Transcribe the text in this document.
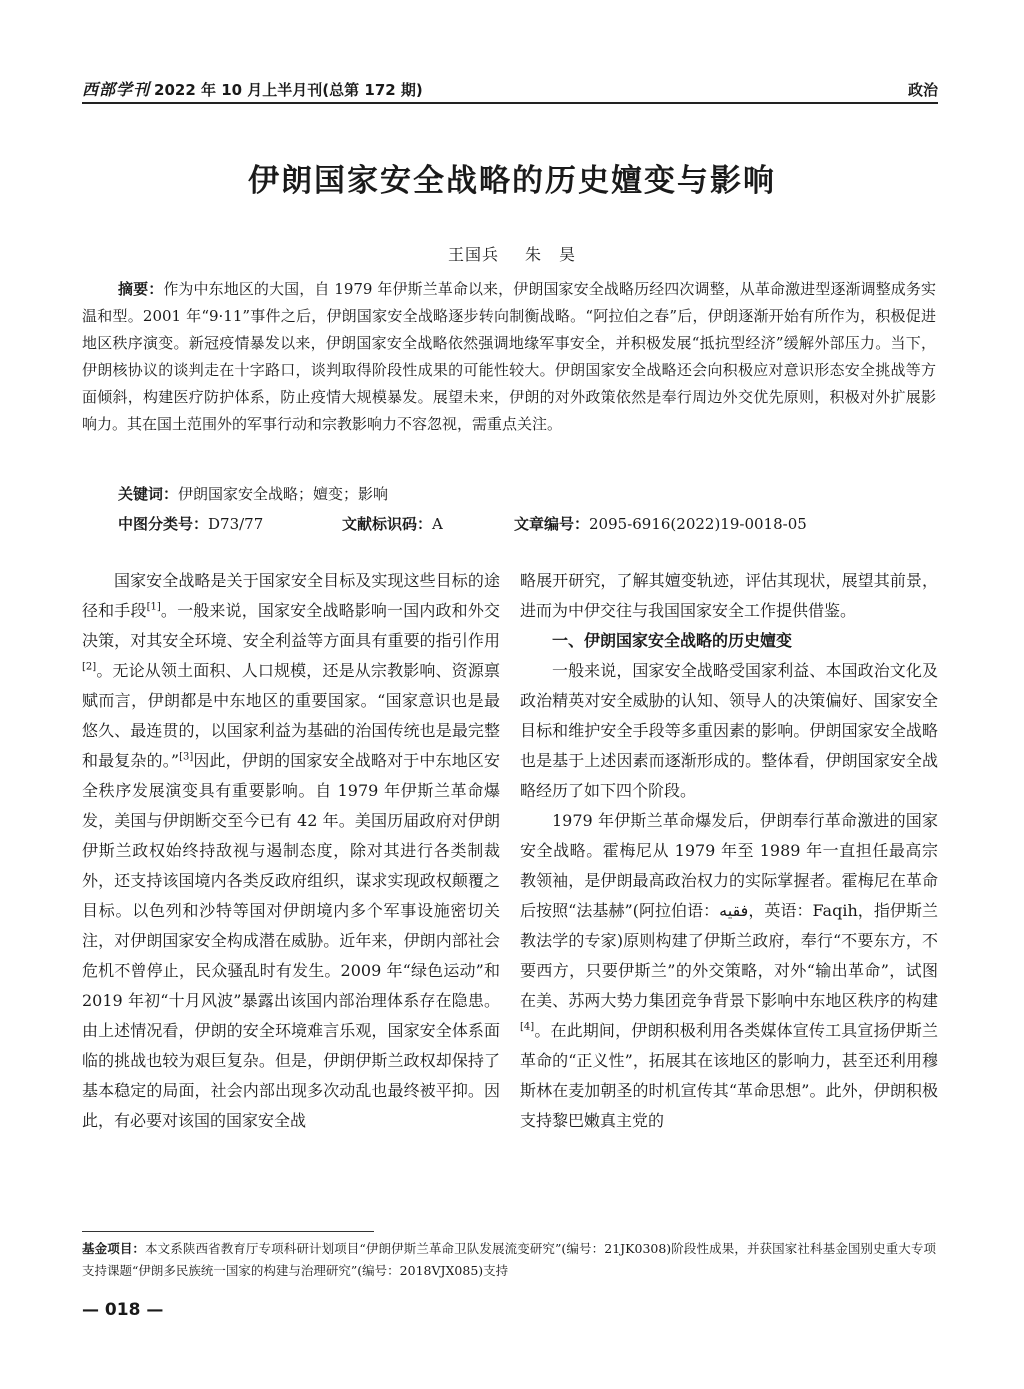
西部学刊 2022 年 10 月上半月刊(总第 172 期)	政治
伊朗国家安全战略的历史嬗变与影响
王国兵 朱　昊
摘要：作为中东地区的大国，自 1979 年伊斯兰革命以来，伊朗国家安全战略历经四次调整，从革命激进型逐渐调整成务实温和型。2001 年“9·11”事件之后，伊朗国家安全战略逐步转向制衡战略。“阿拉伯之春”后，伊朗逐渐开始有所作为，积极促进地区秩序演变。新冠疫情暴发以来，伊朗国家安全战略依然强调地缘军事安全，并积极发展“抵抗型经济”缓解外部压力。当下，伊朗核协议的谈判走在十字路口，谈判取得阶段性成果的可能性较大。伊朗国家安全战略还会向积极应对意识形态安全挑战等方面倾斜，构建医疗防护体系，防止疫情大规模暴发。展望未来，伊朗的对外政策依然是奉行周边外交优先原则，积极对外扩展影响力。其在国土范围外的军事行动和宗教影响力不容忽视，需重点关注。
关键词：伊朗国家安全战略；嬗变；影响
中图分类号：D73/77	文献标识码：A	文章编号：2095-6916(2022)19-0018-05

国家安全战略是关于国家安全目标及实现这些目标的途径和手段[1]。一般来说，国家安全战略影响一国内政和外交决策，对其安全环境、安全利益等方面具有重要的指引作用[2]。无论从领土面积、人口规模，还是从宗教影响、资源禀赋而言，伊朗都是中东地区的重要国家。“国家意识也是最悠久、最连贯的，以国家利益为基础的治国传统也是最完整和最复杂的。”[3]因此，伊朗的国家安全战略对于中东地区安全秩序发展演变具有重要影响。自 1979 年伊斯兰革命爆发，美国与伊朗断交至今已有 42 年。美国历届政府对伊朗伊斯兰政权始终持敌视与遏制态度，除对其进行各类制裁外，还支持该国境内各类反政府组织，谋求实现政权颠覆之目标。以色列和沙特等国对伊朗境内多个军事设施密切关注，对伊朗国家安全构成潜在威胁。近年来，伊朗内部社会危机不曾停止，民众骚乱时有发生。2009 年“绿色运动”和 2019 年初“十月风波”暴露出该国内部治理体系存在隐患。由上述情况看，伊朗的安全环境难言乐观，国家安全体系面临的挑战也较为艰巨复杂。但是，伊朗伊斯兰政权却保持了基本稳定的局面，社会内部出现多次动乱也最终被平抑。因此，有必要对该国的国家安全战

略展开研究，了解其嬗变轨迹，评估其现状，展望其前景，进而为中伊交往与我国国家安全工作提供借鉴。

一、伊朗国家安全战略的历史嬗变

一般来说，国家安全战略受国家利益、本国政治文化及政治精英对安全威胁的认知、领导人的决策偏好、国家安全目标和维护安全手段等多重因素的影响。伊朗国家安全战略也是基于上述因素而逐渐形成的。整体看，伊朗国家安全战略经历了如下四个阶段。

1979 年伊斯兰革命爆发后，伊朗奉行革命激进的国家安全战略。霍梅尼从 1979 年至 1989 年一直担任最高宗教领袖，是伊朗最高政治权力的实际掌握者。霍梅尼在革命后按照“法基赫”(阿拉伯语：فقیه，英语：Faqih，指伊斯兰教法学的专家)原则构建了伊斯兰政府，奉行“不要东方，不要西方，只要伊斯兰”的外交策略，对外“输出革命”，试图在美、苏两大势力集团竞争背景下影响中东地区秩序的构建[4]。在此期间，伊朗积极利用各类媒体宣传工具宣扬伊斯兰革命的“正义性”，拓展其在该地区的影响力，甚至还利用穆斯林在麦加朝圣的时机宣传其“革命思想”。此外，伊朗积极支持黎巴嫩真主党的

基金项目：本文系陕西省教育厅专项科研计划项目“伊朗伊斯兰革命卫队发展流变研究”(编号：21JK0308)阶段性成果，并获国家社科基金国别史重大专项支持课题“伊朗多民族统一国家的构建与治理研究”(编号：2018VJX085)支持
— 018 —
